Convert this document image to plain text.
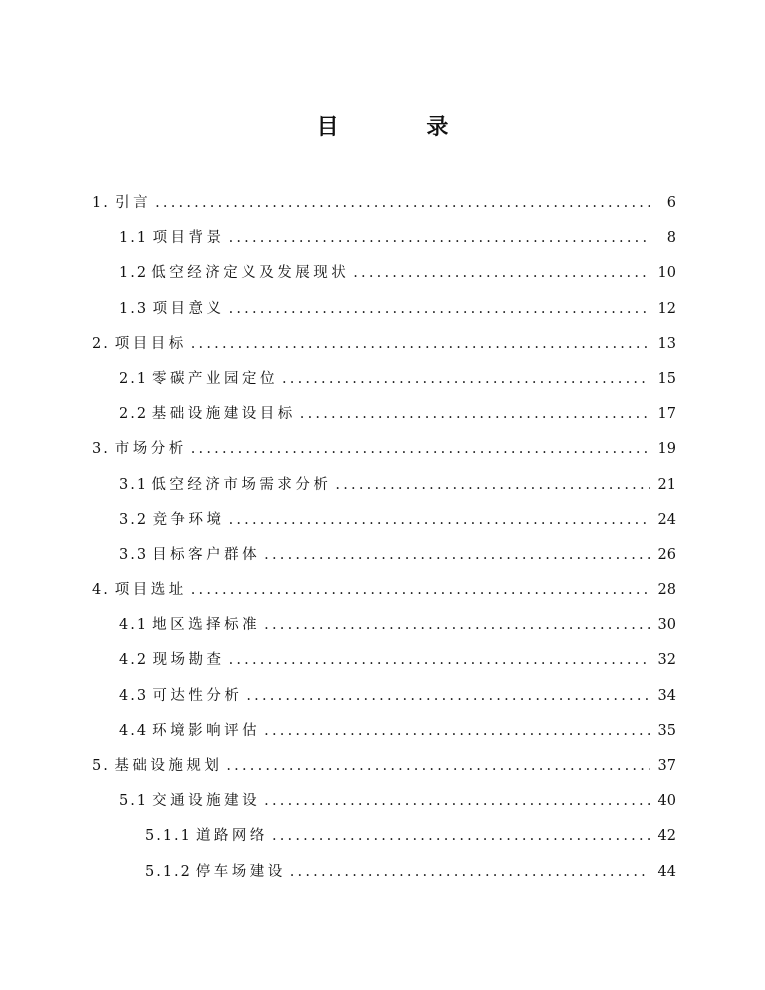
目 录
1. 引言 .....	6
1.1 项目背景 .....	8
1.2 低空经济定义及发展现状 .....	10
1.3 项目意义 .....	12
2. 项目目标 .....	13
2.1 零碳产业园定位 .....	15
2.2 基础设施建设目标 .....	17
3. 市场分析 .....	19
3.1 低空经济市场需求分析 .....	21
3.2 竞争环境 .....	24
3.3 目标客户群体 .....	26
4. 项目选址 .....	28
4.1 地区选择标准 .....	30
4.2 现场勘查 .....	32
4.3 可达性分析 .....	34
4.4 环境影响评估 .....	35
5. 基础设施规划 .....	37
5.1 交通设施建设 .....	40
5.1.1 道路网络 .....	42
5.1.2 停车场建设 .....	44
